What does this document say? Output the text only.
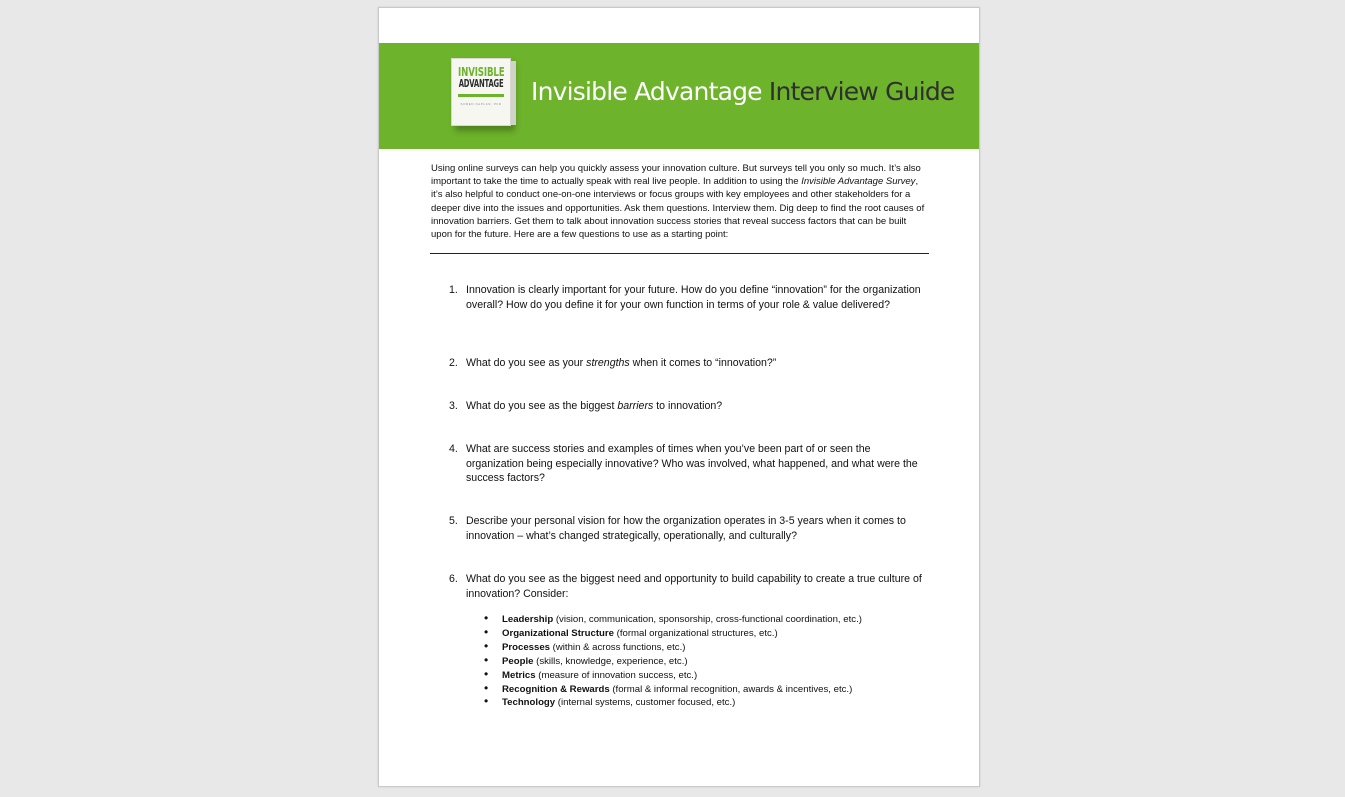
INVISIBLE
ADVANTAGE
SOREN KAPLAN, PhD Invisible Advantage Interview Guide
Using online surveys can help you quickly assess your innovation culture. But surveys tell you only so much. It’s also important to take the time to actually speak with real live people. In addition to using the Invisible Advantage Survey, it’s also helpful to conduct one-on-one interviews or focus groups with key employees and other stakeholders for a deeper dive into the issues and opportunities. Ask them questions. Interview them. Dig deep to find the root causes of innovation barriers. Get them to talk about innovation success stories that reveal success factors that can be built upon for the future. Here are a few questions to use as a starting point:
1. Innovation is clearly important for your future. How do you define “innovation” for the organization overall? How do you define it for your own function in terms of your role & value delivered?
2. What do you see as your strengths when it comes to “innovation?”
3. What do you see as the biggest barriers to innovation?
4. What are success stories and examples of times when you’ve been part of or seen the organization being especially innovative? Who was involved, what happened, and what were the success factors?
5. Describe your personal vision for how the organization operates in 3-5 years when it comes to innovation – what’s changed strategically, operationally, and culturally?
6. What do you see as the biggest need and opportunity to build capability to create a true culture of innovation? Consider:
• Leadership (vision, communication, sponsorship, cross-functional coordination, etc.)
• Organizational Structure (formal organizational structures, etc.)
• Processes (within & across functions, etc.)
• People (skills, knowledge, experience, etc.)
• Metrics (measure of innovation success, etc.)
• Recognition & Rewards (formal & informal recognition, awards & incentives, etc.)
• Technology (internal systems, customer focused, etc.)
